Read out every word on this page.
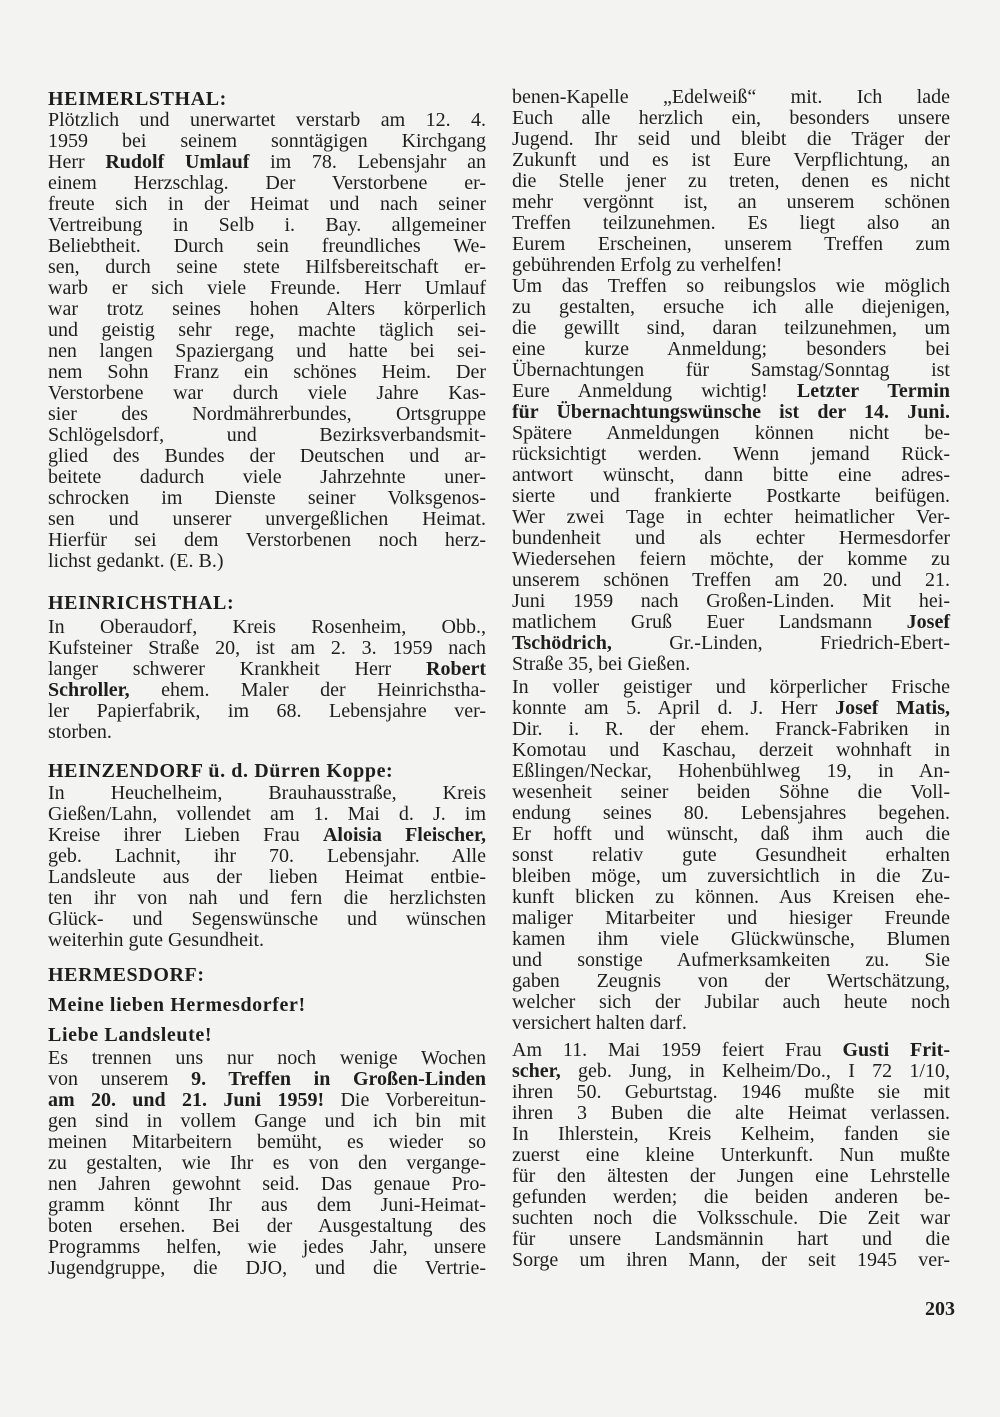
HEIMERLSTHAL:
Plötzlich und unerwartet verstarb am 12. 4.
1959 bei seinem sonntägigen Kirchgang
Herr Rudolf Umlauf im 78. Lebensjahr an
einem Herzschlag. Der Verstorbene er-
freute sich in der Heimat und nach seiner
Vertreibung in Selb i. Bay. allgemeiner
Beliebtheit. Durch sein freundliches We-
sen, durch seine stete Hilfsbereitschaft er-
warb er sich viele Freunde. Herr Umlauf
war trotz seines hohen Alters körperlich
und geistig sehr rege, machte täglich sei-
nen langen Spaziergang und hatte bei sei-
nem Sohn Franz ein schönes Heim. Der
Verstorbene war durch viele Jahre Kas-
sier des Nordmährerbundes, Ortsgruppe
Schlögelsdorf, und Bezirksverbandsmit-
glied des Bundes der Deutschen und ar-
beitete dadurch viele Jahrzehnte uner-
schrocken im Dienste seiner Volksgenos-
sen und unserer unvergeßlichen Heimat.
Hierfür sei dem Verstorbenen noch herz-
lichst gedankt. (E. B.)
HEINRICHSTHAL:
In Oberaudorf, Kreis Rosenheim, Obb.,
Kufsteiner Straße 20, ist am 2. 3. 1959 nach
langer schwerer Krankheit Herr Robert
Schroller, ehem. Maler der Heinrichstha-
ler Papierfabrik, im 68. Lebensjahre ver-
storben.
HEINZENDORF ü. d. Dürren Koppe:
In Heuchelheim, Brauhausstraße, Kreis
Gießen/Lahn, vollendet am 1. Mai d. J. im
Kreise ihrer Lieben Frau Aloisia Fleischer,
geb. Lachnit, ihr 70. Lebensjahr. Alle
Landsleute aus der lieben Heimat entbie-
ten ihr von nah und fern die herzlichsten
Glück- und Segenswünsche und wünschen
weiterhin gute Gesundheit.
HERMESDORF:
Meine lieben Hermesdorfer!
Liebe Landsleute!
Es trennen uns nur noch wenige Wochen
von unserem 9. Treffen in Großen-Linden
am 20. und 21. Juni 1959! Die Vorbereitun-
gen sind in vollem Gange und ich bin mit
meinen Mitarbeitern bemüht, es wieder so
zu gestalten, wie Ihr es von den vergange-
nen Jahren gewohnt seid. Das genaue Pro-
gramm könnt Ihr aus dem Juni-Heimat-
boten ersehen. Bei der Ausgestaltung des
Programms helfen, wie jedes Jahr, unsere
Jugendgruppe, die DJO, und die Vertrie-
benen-Kapelle „Edelweiß“ mit. Ich lade
Euch alle herzlich ein, besonders unsere
Jugend. Ihr seid und bleibt die Träger der
Zukunft und es ist Eure Verpflichtung, an
die Stelle jener zu treten, denen es nicht
mehr vergönnt ist, an unserem schönen
Treffen teilzunehmen. Es liegt also an
Eurem Erscheinen, unserem Treffen zum
gebührenden Erfolg zu verhelfen!
Um das Treffen so reibungslos wie möglich
zu gestalten, ersuche ich alle diejenigen,
die gewillt sind, daran teilzunehmen, um
eine kurze Anmeldung; besonders bei
Übernachtungen für Samstag/Sonntag ist
Eure Anmeldung wichtig! Letzter Termin
für Übernachtungswünsche ist der 14. Juni.
Spätere Anmeldungen können nicht be-
rücksichtigt werden. Wenn jemand Rück-
antwort wünscht, dann bitte eine adres-
sierte und frankierte Postkarte beifügen.
Wer zwei Tage in echter heimatlicher Ver-
bundenheit und als echter Hermesdorfer
Wiedersehen feiern möchte, der komme zu
unserem schönen Treffen am 20. und 21.
Juni 1959 nach Großen-Linden. Mit hei-
matlichem Gruß Euer Landsmann Josef
Tschödrich, Gr.-Linden, Friedrich-Ebert-
Straße 35, bei Gießen.
In voller geistiger und körperlicher Frische
konnte am 5. April d. J. Herr Josef Matis,
Dir. i. R. der ehem. Franck-Fabriken in
Komotau und Kaschau, derzeit wohnhaft in
Eßlingen/Neckar, Hohenbühlweg 19, in An-
wesenheit seiner beiden Söhne die Voll-
endung seines 80. Lebensjahres begehen.
Er hofft und wünscht, daß ihm auch die
sonst relativ gute Gesundheit erhalten
bleiben möge, um zuversichtlich in die Zu-
kunft blicken zu können. Aus Kreisen ehe-
maliger Mitarbeiter und hiesiger Freunde
kamen ihm viele Glückwünsche, Blumen
und sonstige Aufmerksamkeiten zu. Sie
gaben Zeugnis von der Wertschätzung,
welcher sich der Jubilar auch heute noch
versichert halten darf.
Am 11. Mai 1959 feiert Frau Gusti Frit-
scher, geb. Jung, in Kelheim/Do., I 72 1/10,
ihren 50. Geburtstag. 1946 mußte sie mit
ihren 3 Buben die alte Heimat verlassen.
In Ihlerstein, Kreis Kelheim, fanden sie
zuerst eine kleine Unterkunft. Nun mußte
für den ältesten der Jungen eine Lehrstelle
gefunden werden; die beiden anderen be-
suchten noch die Volksschule. Die Zeit war
für unsere Landsmännin hart und die
Sorge um ihren Mann, der seit 1945 ver-
203
